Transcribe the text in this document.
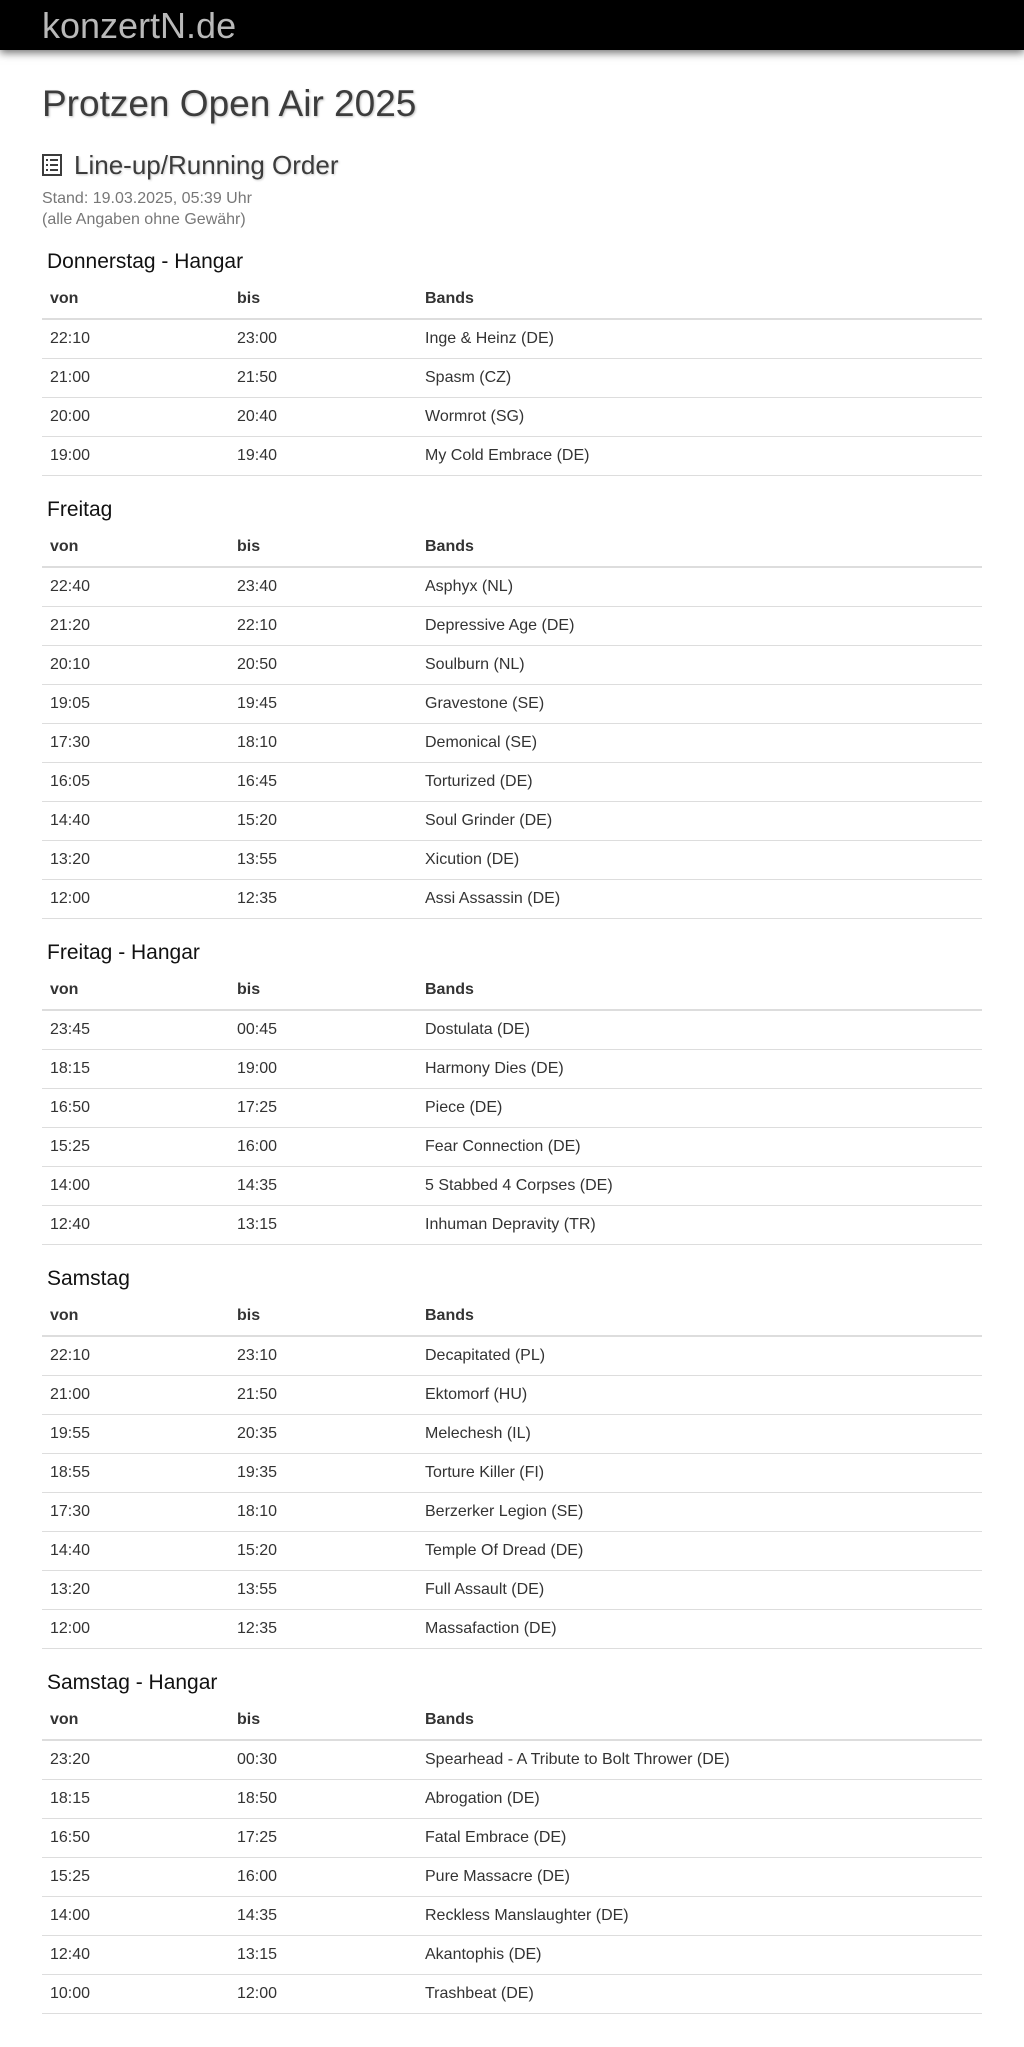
konzertN.de
Protzen Open Air 2025
Line-up/Running Order
Stand: 19.03.2025, 05:39 Uhr
(alle Angaben ohne Gewähr)
Donnerstag - Hangar
von	bis	Bands
22:10	23:00	Inge & Heinz (DE)
21:00	21:50	Spasm (CZ)
20:00	20:40	Wormrot (SG)
19:00	19:40	My Cold Embrace (DE)
Freitag
von	bis	Bands
22:40	23:40	Asphyx (NL)
21:20	22:10	Depressive Age (DE)
20:10	20:50	Soulburn (NL)
19:05	19:45	Gravestone (SE)
17:30	18:10	Demonical (SE)
16:05	16:45	Torturized (DE)
14:40	15:20	Soul Grinder (DE)
13:20	13:55	Xicution (DE)
12:00	12:35	Assi Assassin (DE)
Freitag - Hangar
von	bis	Bands
23:45	00:45	Dostulata (DE)
18:15	19:00	Harmony Dies (DE)
16:50	17:25	Piece (DE)
15:25	16:00	Fear Connection (DE)
14:00	14:35	5 Stabbed 4 Corpses (DE)
12:40	13:15	Inhuman Depravity (TR)
Samstag
von	bis	Bands
22:10	23:10	Decapitated (PL)
21:00	21:50	Ektomorf (HU)
19:55	20:35	Melechesh (IL)
18:55	19:35	Torture Killer (FI)
17:30	18:10	Berzerker Legion (SE)
14:40	15:20	Temple Of Dread (DE)
13:20	13:55	Full Assault (DE)
12:00	12:35	Massafaction (DE)
Samstag - Hangar
von	bis	Bands
23:20	00:30	Spearhead - A Tribute to Bolt Thrower (DE)
18:15	18:50	Abrogation (DE)
16:50	17:25	Fatal Embrace (DE)
15:25	16:00	Pure Massacre (DE)
14:00	14:35	Reckless Manslaughter (DE)
12:40	13:15	Akantophis (DE)
10:00	12:00	Trashbeat (DE)
